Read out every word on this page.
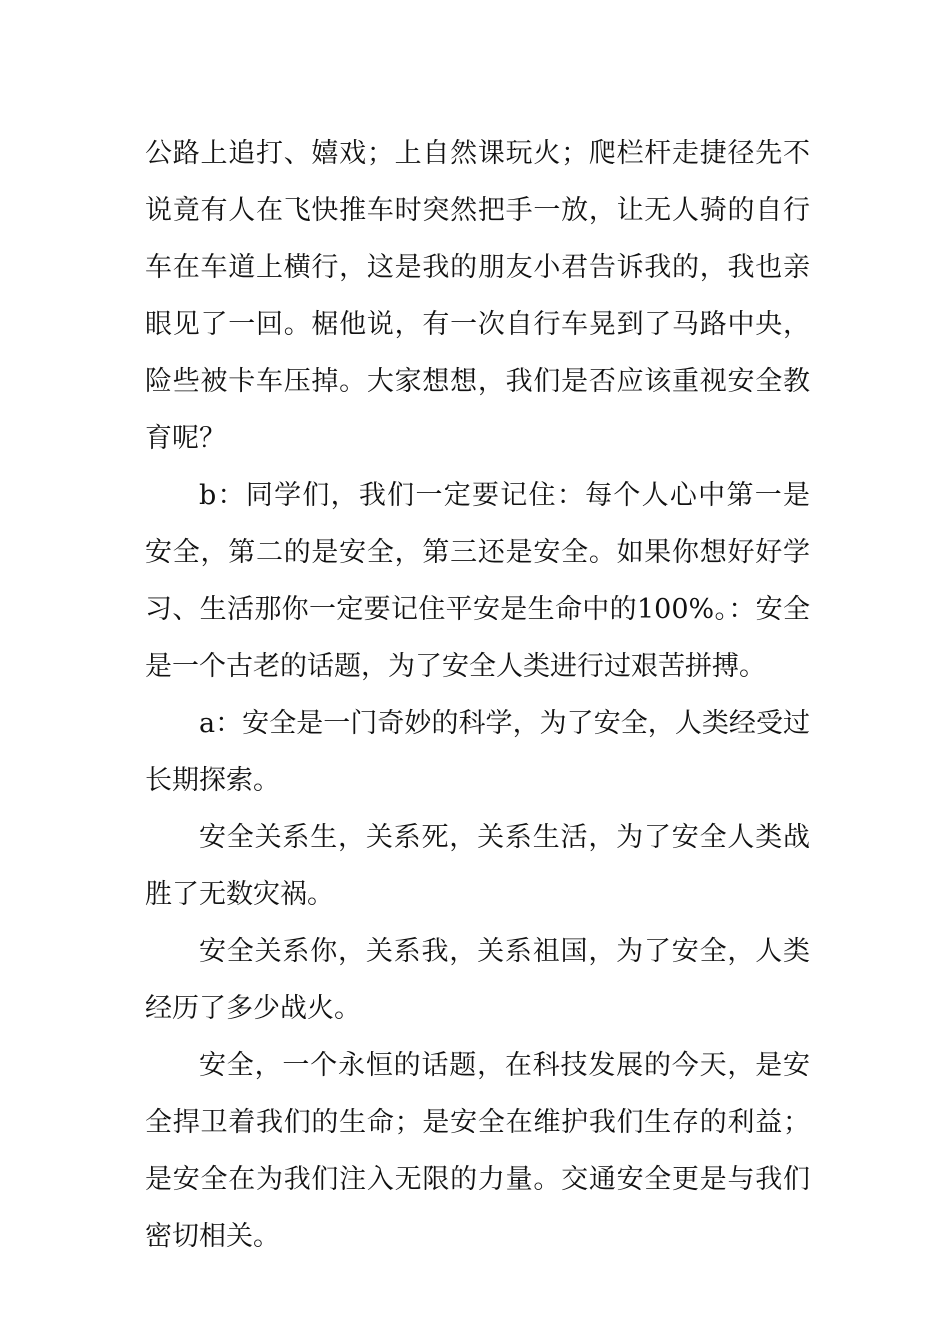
公路上追打、嬉戏；上自然课玩火；爬栏杆走捷径先不说竟有人在飞快推车时突然把手一放，让无人骑的自行车在车道上横行，这是我的朋友小君告诉我的，我也亲眼见了一回。椐他说，有一次自行车晃到了马路中央，险些被卡车压掉。大家想想，我们是否应该重视安全教育呢？

b：同学们，我们一定要记住：每个人心中第一是安全，第二的是安全，第三还是安全。如果你想好好学习、生活那你一定要记住平安是生命中的100%。：安全是一个古老的话题，为了安全人类进行过艰苦拼搏。

a：安全是一门奇妙的科学，为了安全，人类经受过长期探索。

安全关系生，关系死，关系生活，为了安全人类战胜了无数灾祸。

安全关系你，关系我，关系祖国，为了安全，人类经历了多少战火。

安全，一个永恒的话题，在科技发展的今天，是安全捍卫着我们的生命；是安全在维护我们生存的利益；是安全在为我们注入无限的力量。交通安全更是与我们密切相关。
